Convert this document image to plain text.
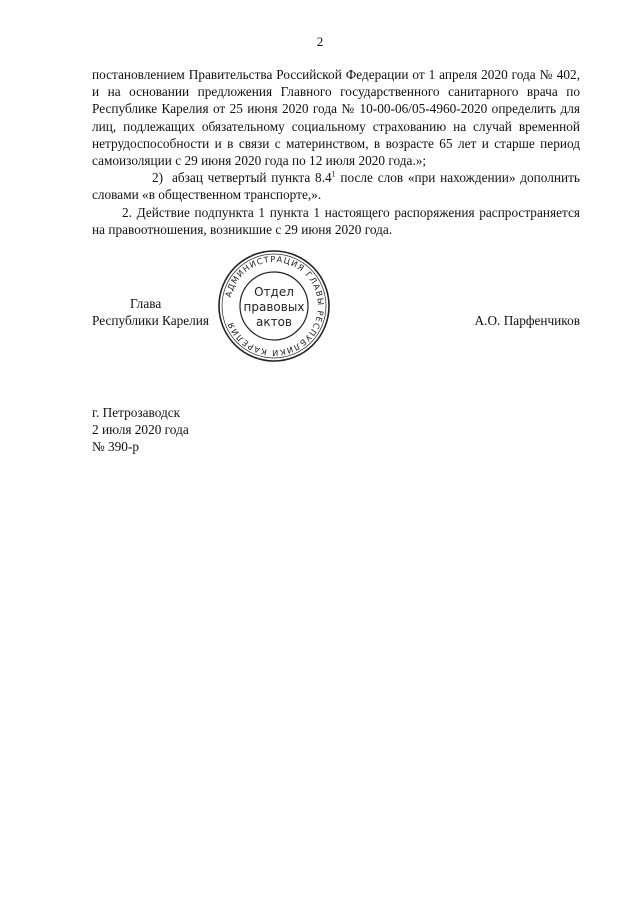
2

постановлением Правительства Российской Федерации от 1 апреля 2020 года № 402, и на основании предложения Главного государственного санитарного врача по Республике Карелия от 25 июня 2020 года № 10-00-06/05-4960-2020 определить для лиц, подлежащих обязательному социальному страхованию на случай временной нетрудоспособности и в связи с материнством, в возрасте 65 лет и старше период самоизоляции с 29 июня 2020 года по 12 июля 2020 года.»;

2) абзац четвертый пункта $8.4^1$ после слов «при нахождении» дополнить словами «в общественном транспорте,».

2. Действие подпункта 1 пункта 1 настоящего распоряжения распространяется на правоотношения, возникшие с 29 июня 2020 года.

Глава
Республики Карелия
АДМИНИСТРАЦИЯ ГЛАВЫ РЕСПУБЛИКИ КАРЕЛИЯ
Отдел
правовых
актов	А.О. Парфенчиков
г. Петрозаводск
2 июля 2020 года
№ 390-р
